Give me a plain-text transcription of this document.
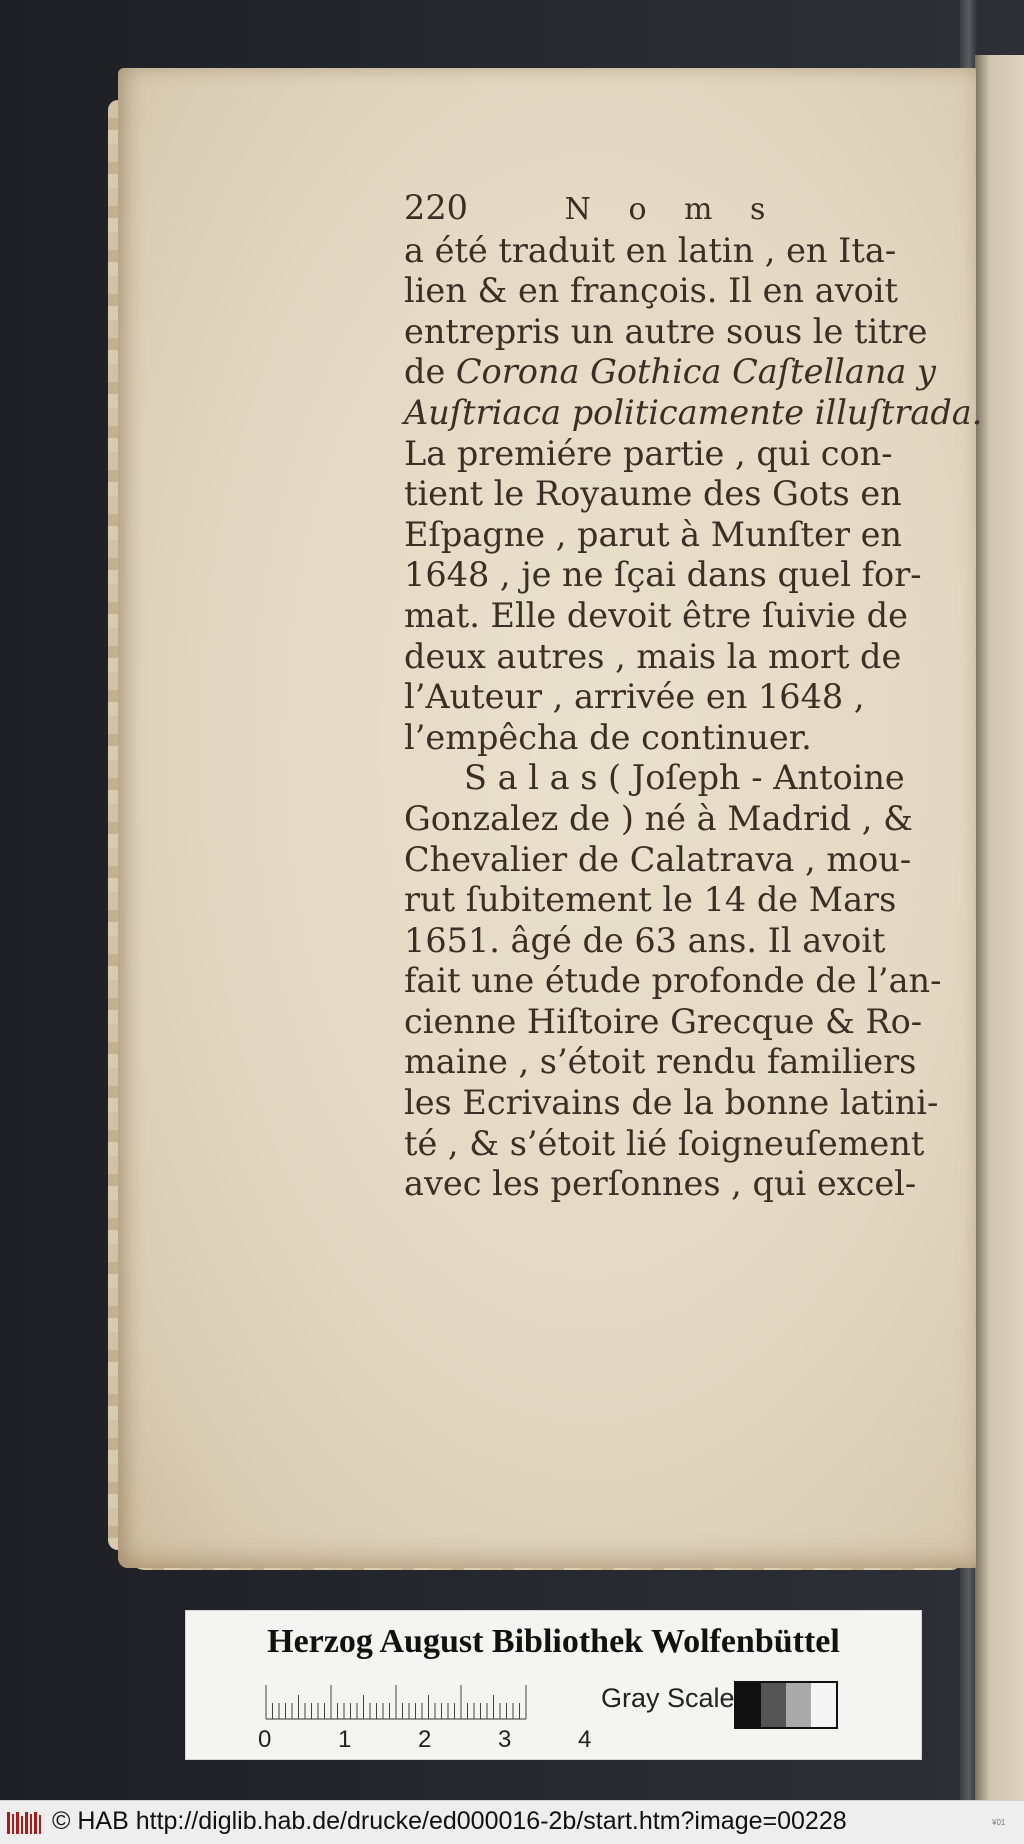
220	N o m s
a été traduit en latin , en Ita-
lien & en françois. Il en avoit
entrepris un autre sous le titre
de Corona Gothica Caſtellana y
Auſtriaca politicamente illuſtrada.
La premiére partie , qui con-
tient le Royaume des Gots en
Eſpagne , parut à Munſter en
1648 , je ne ſçai dans quel for-
mat. Elle devoit être ſuivie de
deux autres , mais la mort de
l’Auteur , arrivée en 1648 ,
l’empêcha de continuer.
S a l a s ( Joſeph - Antoine
Gonzalez de ) né à Madrid , &
Chevalier de Calatrava , mou-
rut ſubitement le 14 de Mars
1651. âgé de 63 ans. Il avoit
fait une étude profonde de l’an-
cienne Hiſtoire Grecque & Ro-
maine , s’étoit rendu familiers
les Ecrivains de la bonne latini-
té , & s’étoit lié ſoigneuſement
avec les perſonnes , qui excel-
Herzog August Bibliothek Wolfenbüttel
0	1	2	3	4
Gray Scale
© HAB http://diglib.hab.de/drucke/ed000016-2b/start.htm?image=00228	¥01
